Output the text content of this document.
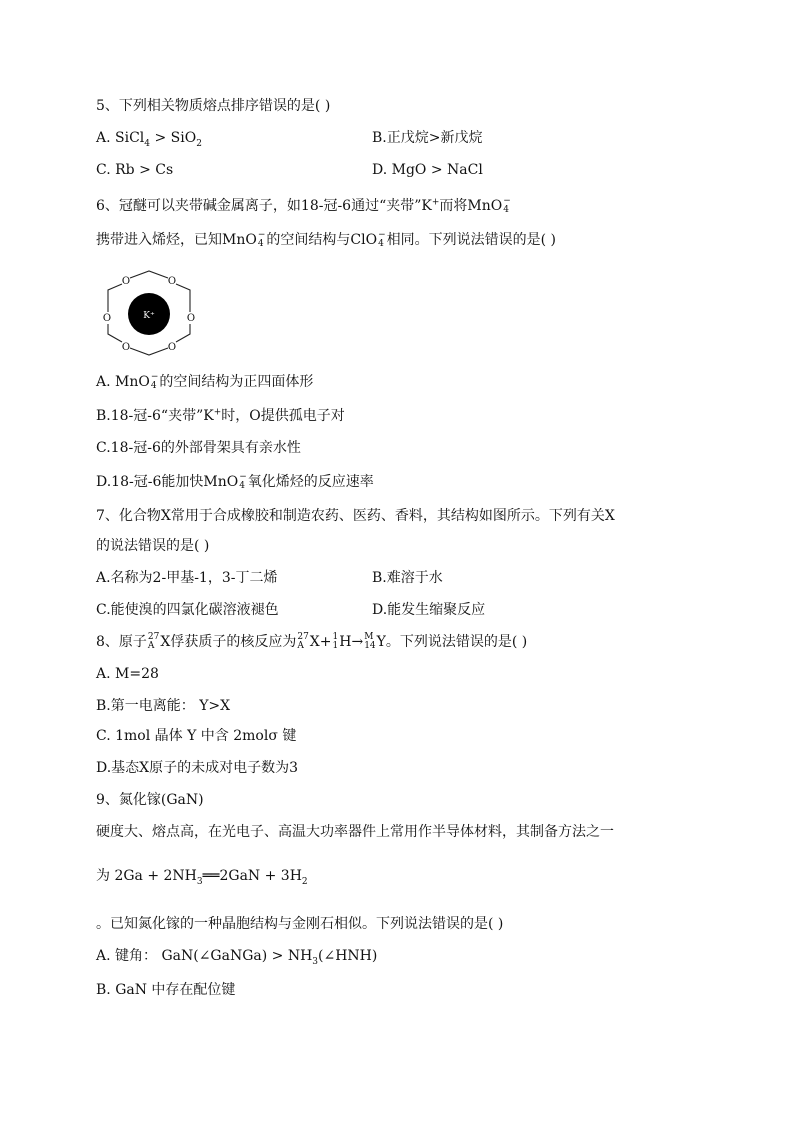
5、下列相关物质熔点排序错误的是( )
A. SiCl$_4$ > SiO$_2$	B.正戊烷>新戊烷
C. Rb > Cs	D. MgO > NaCl
6、冠醚可以夹带碱金属离子，如18-冠-6通过“夹带”K+而将MnO −
4
携带进入烯烃，已知MnO −
4 的空间结构与ClO −
4 相同。下列说法错误的是( )
O	O
O
O
O
O	K⁺
A. MnO −
4 的空间结构为正四面体形
B.18-冠-6“夹带”K+时，O提供孤电子对
C.18-冠-6的外部骨架具有亲水性
D.18-冠-6能加快MnO −
4 氧化烯烃的反应速率
7、化合物X常用于合成橡胶和制造农药、医药、香料，其结构如图所示。下列有关X
的说法错误的是( )
A.名称为2-甲基-1，3-丁二烯	B.难溶于水
C.能使溴的四氯化碳溶液褪色	D.能发生缩聚反应
8、原子 27
A X俘获质子的核反应为 27
A X+ 1
1 H→ M
14 Y。下列说法错误的是( )
A. M=28
B.第一电离能： Y>X
C. 1mol 晶体 Y 中含 2molσ 键
D.基态X原子的未成对电子数为3
9、氮化镓(GaN)
硬度大、熔点高，在光电子、高温大功率器件上常用作半导体材料，其制备方法之一
为 $2Ga + 2NH_3══2GaN + 3H_2$
。已知氮化镓的一种晶胞结构与金刚石相似。下列说法错误的是( )
A. 键角： GaN(∠GaNGa) > $NH_3(\angle HNH)$
B. GaN 中存在配位键
